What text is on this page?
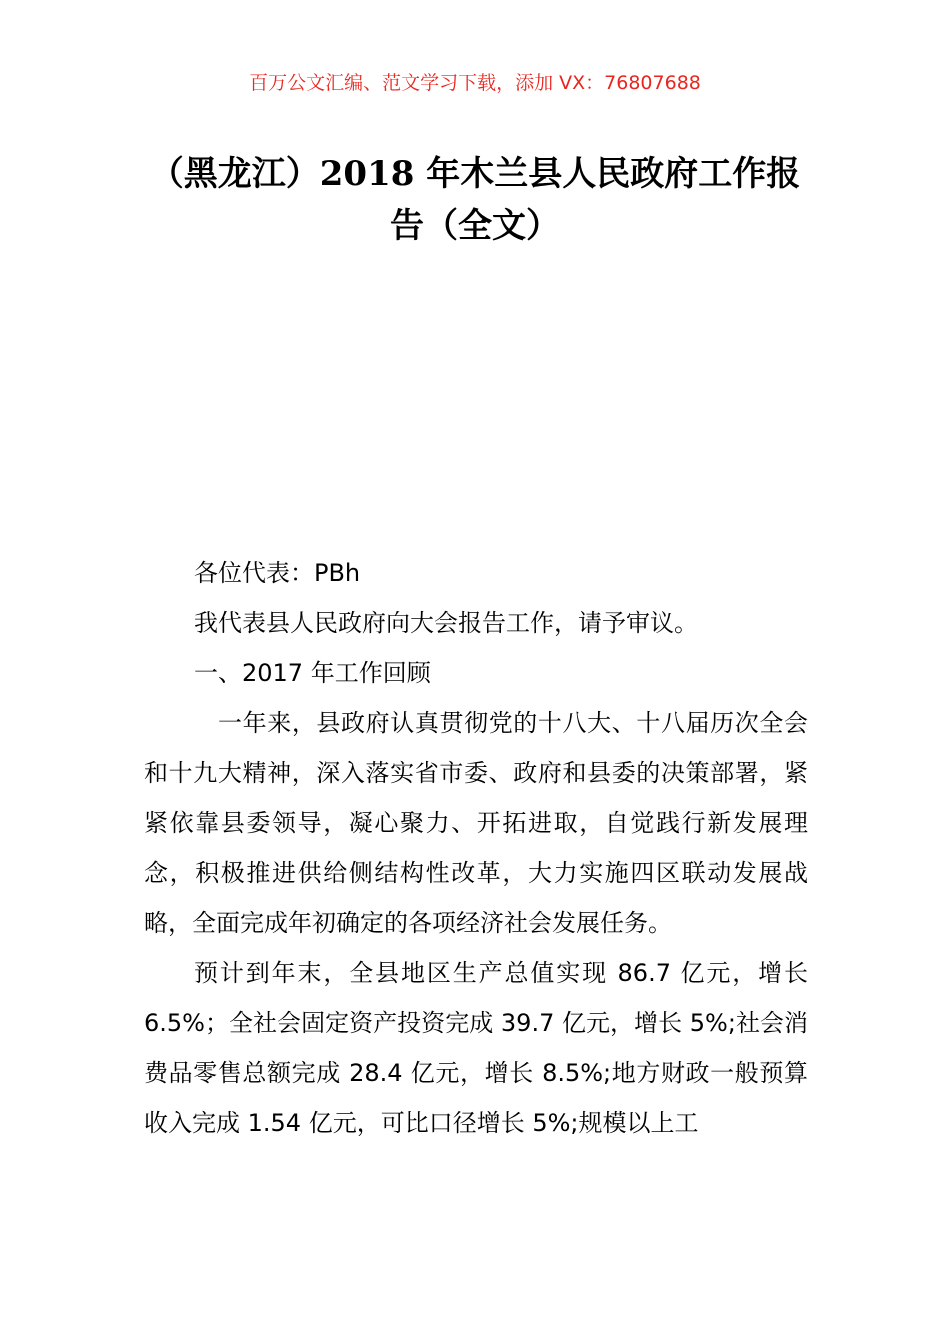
百万公文汇编、范文学习下载，添加 VX：76807688
（黑龙江）2018 年木兰县人民政府工作报告（全文）

各位代表：PBh

我代表县人民政府向大会报告工作，请予审议。

一、2017 年工作回顾

一年来，县政府认真贯彻党的十八大、十八届历次全会和十九大精神，深入落实省市委、政府和县委的决策部署，紧紧依靠县委领导，凝心聚力、开拓进取，自觉践行新发展理念，积极推进供给侧结构性改革，大力实施四区联动发展战略，全面完成年初确定的各项经济社会发展任务。

预计到年末，全县地区生产总值实现 86.7 亿元，增长 6.5%；全社会固定资产投资完成 39.7 亿元，增长 5%;社会消费品零售总额完成 28.4 亿元，增长 8.5%;地方财政一般预算收入完成 1.54 亿元，可比口径增长 5%;规模以上工
